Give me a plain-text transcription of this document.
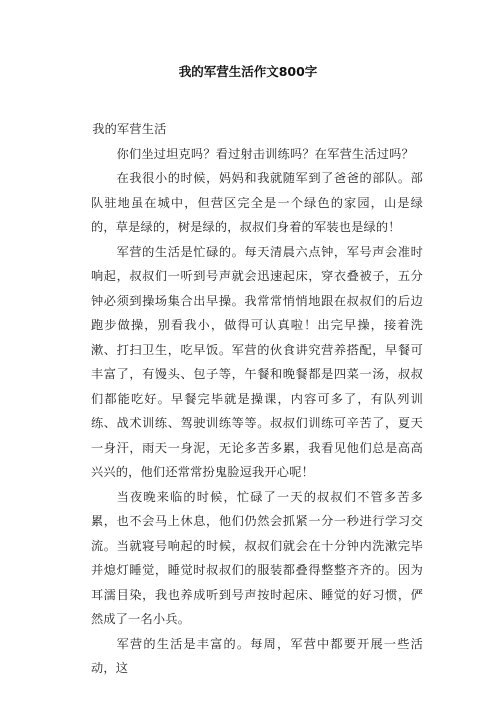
我的军营生活作文800字

我的军营生活

你们坐过坦克吗？看过射击训练吗？在军营生活过吗？

在我很小的时候，妈妈和我就随军到了爸爸的部队。部队驻地虽在城中，但营区完全是一个绿色的家园，山是绿的，草是绿的，树是绿的，叔叔们身着的军装也是绿的！

军营的生活是忙碌的。每天清晨六点钟，军号声会准时响起，叔叔们一听到号声就会迅速起床，穿衣叠被子，五分钟必须到操场集合出早操。我常常悄悄地跟在叔叔们的后边跑步做操，别看我小，做得可认真啦！出完早操，接着洗漱、打扫卫生，吃早饭。军营的伙食讲究营养搭配，早餐可丰富了，有馒头、包子等，午餐和晚餐都是四菜一汤，叔叔们都能吃好。早餐完毕就是操课，内容可多了，有队列训练、战术训练、驾驶训练等等。叔叔们训练可辛苦了，夏天一身汗，雨天一身泥，无论多苦多累，我看见他们总是高高兴兴的，他们还常常扮鬼脸逗我开心呢！

当夜晚来临的时候，忙碌了一天的叔叔们不管多苦多累，也不会马上休息，他们仍然会抓紧一分一秒进行学习交流。当就寝号响起的时候，叔叔们就会在十分钟内洗漱完毕并熄灯睡觉，睡觉时叔叔们的服装都叠得整整齐齐的。因为耳濡目染，我也养成听到号声按时起床、睡觉的好习惯，俨然成了一名小兵。

军营的生活是丰富的。每周，军营中都要开展一些活动，这
